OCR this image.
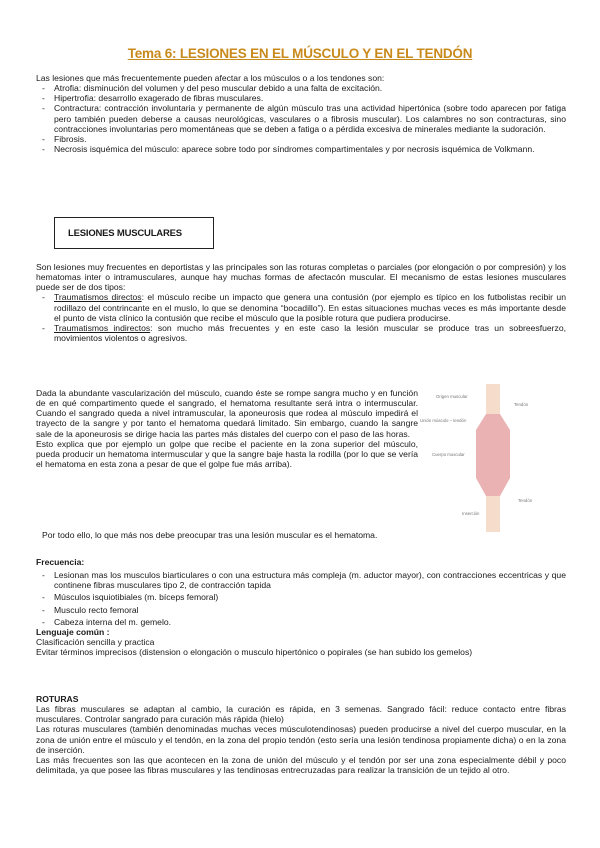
Tema 6: LESIONES EN EL MÚSCULO Y EN EL TENDÓN

Las lesiones que más frecuentemente pueden afectar a los músculos o a los tendones son:

- Atrofia: disminución del volumen y del peso muscular debido a una falta de excitación.
- Hipertrofia: desarrollo exagerado de fibras musculares.
- Contractura: contracción involuntaria y permanente de algún músculo tras una actividad hipertónica (sobre todo aparecen por fatiga pero también pueden deberse a causas neurológicas, vasculares o a fibrosis muscular). Los calambres no son contracturas, sino contracciones involuntarias pero momentáneas que se deben a fatiga o a pérdida excesiva de minerales mediante la sudoración.
- Fibrosis.
- Necrosis isquémica del músculo: aparece sobre todo por síndromes compartimentales y por necrosis isquémica de Volkmann.
LESIONES MUSCULARES

Son lesiones muy frecuentes en deportistas y las principales son las roturas completas o parciales (por elongación o por compresión) y los hematomas inter o intramusculares, aunque hay muchas formas de afectacón muscular. El mecanismo de estas lesiones musculares puede ser de dos tipos:

- Traumatismos directos: el músculo recibe un impacto que genera una contusión (por ejemplo es típico en los futbolistas recibir un rodillazo del contrincante en el muslo, lo que se denomina “bocadillo”). En estas situaciones muchas veces es más importante desde el punto de vista clínico la contusión que recibe el músculo que la posible rotura que pudiera producirse.
- Traumatismos indirectos: son mucho más frecuentes y en este caso la lesión muscular se produce tras un sobreesfuerzo, movimientos violentos o agresivos.

Dada la abundante vascularización del músculo, cuando éste se rompe sangra mucho y en función de en qué compartimento quede el sangrado, el hematoma resultante será intra o intermuscular. Cuando el sangrado queda a nivel intramuscular, la aponeurosis que rodea al músculo impedirá el trayecto de la sangre y por tanto el hematoma quedará limitado. Sin embargo, cuando la sangre sale de la aponeurosis se dirige hacia las partes más distales del cuerpo con el paso de las horas.

Esto explica que por ejemplo un golpe que recibe el paciente en la zona superior del músculo, pueda producir un hematoma intermuscular y que la sangre baje hasta la rodilla (por lo que se vería el hematoma en esta zona a pesar de que el golpe fue más arriba).

Por todo ello, lo que más nos debe preocupar tras una lesión muscular es el hematoma.

Origen muscular
Tendón
Unión músculo – tendón
Cuerpo muscular
Inserción
Tendón

Frecuencia:

- Lesionan mas los musculos biarticulares o con una estructura más compleja (m. aductor mayor), con contracciones eccentricas y que continene fibras musculares tipo 2, de contracción tapida
- Músculos isquiotibiales (m. bíceps femoral)
- Musculo recto femoral
- Cabeza interna del m. gemelo.

Lenguaje común :

Clasificación sencilla y practica

Evitar términos imprecisos (distension o elongación o musculo hipertónico o popirales (se han subido los gemelos)

ROTURAS

Las fibras musculares se adaptan al cambio, la curación es rápida, en 3 semenas. Sangrado fácil: reduce contacto entre fibras musculares. Controlar sangrado para curación más rápida (hielo)

Las roturas musculares (también denominadas muchas veces músculotendinosas) pueden producirse a nivel del cuerpo muscular, en la zona de unión entre el músculo y el tendón, en la zona del propio tendón (esto sería una lesión tendinosa propiamente dicha) o en la zona de inserción.

Las más frecuentes son las que acontecen en la zona de unión del músculo y el tendón por ser una zona especialmente débil y poco delimitada, ya que posee las fibras musculares y las tendinosas entrecruzadas para realizar la transición de un tejido al otro.
